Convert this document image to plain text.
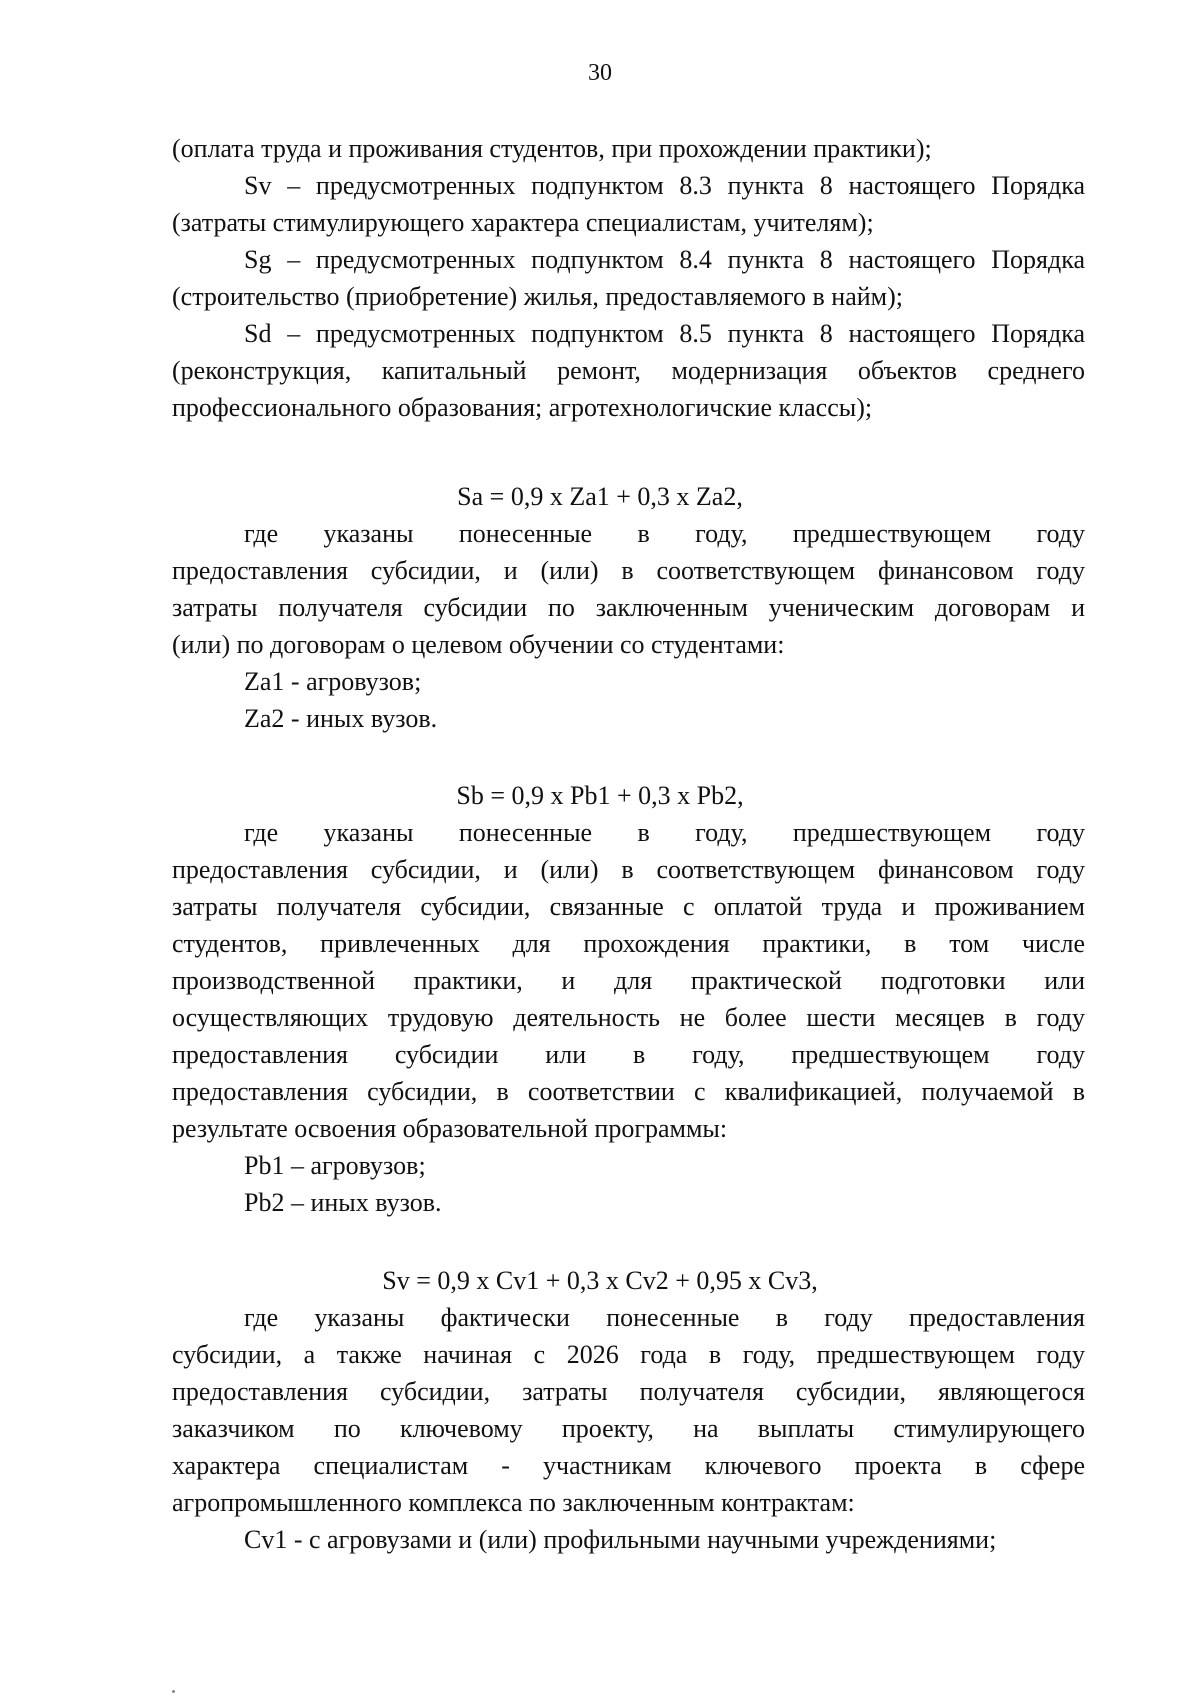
30
(оплата труда и проживания студентов, при прохождении практики);
Sv – предусмотренных подпунктом 8.3 пункта 8 настоящего Порядка
(затраты стимулирующего характера специалистам, учителям);
Sg – предусмотренных подпунктом 8.4 пункта 8 настоящего Порядка
(строительство (приобретение) жилья, предоставляемого в найм);
Sd – предусмотренных подпунктом 8.5 пункта 8 настоящего Порядка
(реконструкция, капитальный ремонт, модернизация объектов среднего
профессионального образования; агротехнологичские классы);
Sa = 0,9 х Za1 + 0,3 х Za2,
где указаны понесенные в году, предшествующем году
предоставления субсидии, и (или) в соответствующем финансовом году
затраты получателя субсидии по заключенным ученическим договорам и
(или) по договорам о целевом обучении со студентами:
Za1 - агровузов;
Za2 - иных вузов.
Sb = 0,9 х Pb1 + 0,3 х Pb2,
где указаны понесенные в году, предшествующем году
предоставления субсидии, и (или) в соответствующем финансовом году
затраты получателя субсидии, связанные с оплатой труда и проживанием
студентов, привлеченных для прохождения практики, в том числе
производственной практики, и для практической подготовки или
осуществляющих трудовую деятельность не более шести месяцев в году
предоставления субсидии или в году, предшествующем году
предоставления субсидии, в соответствии с квалификацией, получаемой в
результате освоения образовательной программы:
Pb1 – агровузов;
Pb2 – иных вузов.
Sv = 0,9 х Cv1 + 0,3 х Cv2 + 0,95 х Cv3,
где указаны фактически понесенные в году предоставления
субсидии, а также начиная с 2026 года в году, предшествующем году
предоставления субсидии, затраты получателя субсидии, являющегося
заказчиком по ключевому проекту, на выплаты стимулирующего
характера специалистам - участникам ключевого проекта в сфере
агропромышленного комплекса по заключенным контрактам:
Cv1 - с агровузами и (или) профильными научными учреждениями;
